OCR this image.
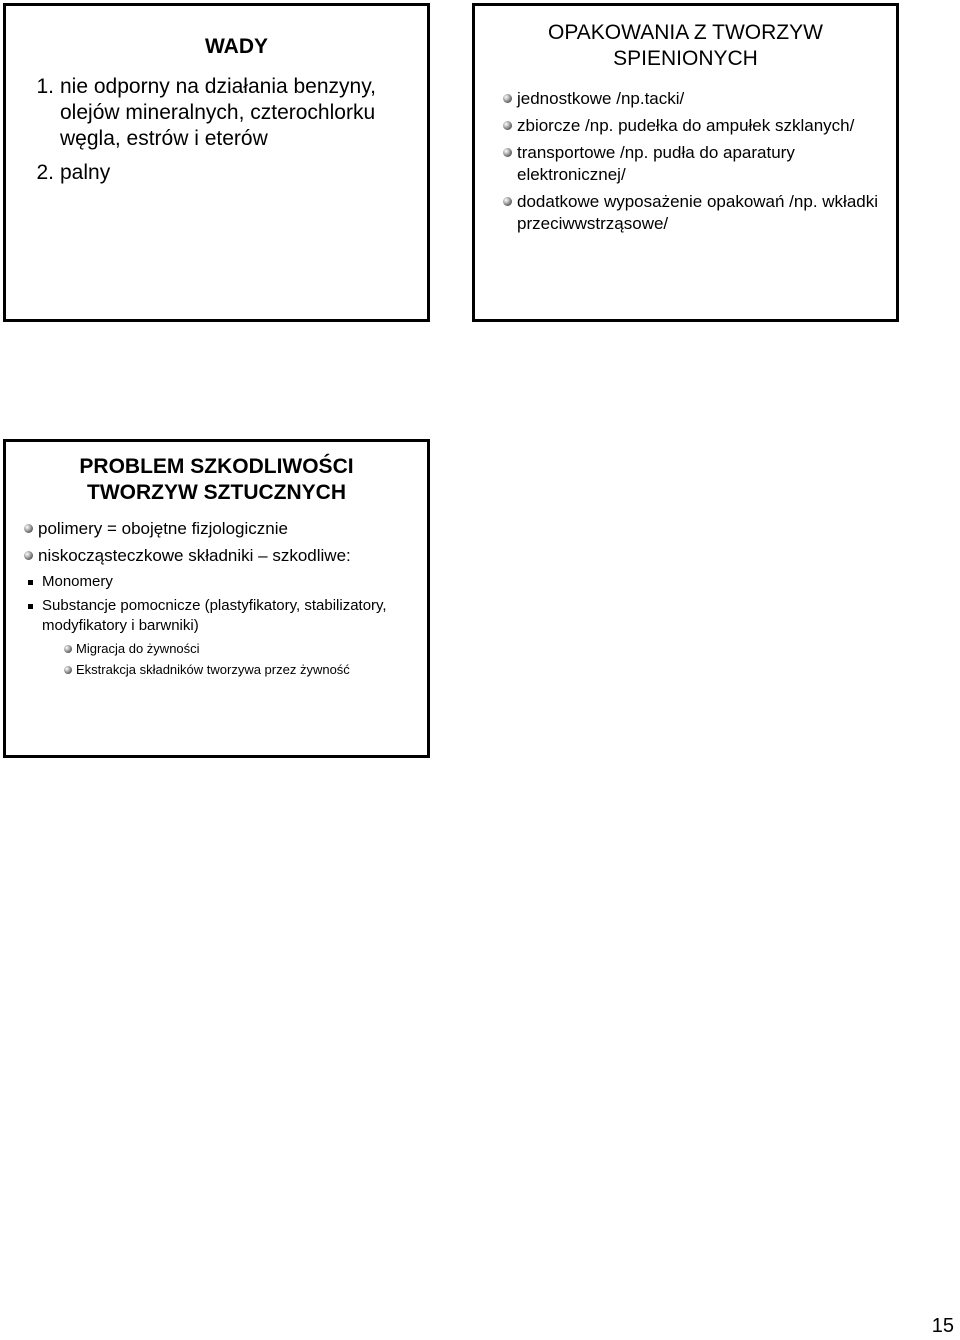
WADY
1. nie odporny na działania benzyny, olejów mineralnych, czterochlorku węgla, estrów i eterów
2. palny
OPAKOWANIA Z TWORZYW
SPIENIONYCH
jednostkowe /np.tacki/
zbiorcze /np. pudełka do ampułek szklanych/
transportowe /np. pudła do aparatury elektronicznej/
dodatkowe wyposażenie opakowań /np. wkładki przeciwwstrząsowe/
PROBLEM SZKODLIWOŚCI
TWORZYW SZTUCZNYCH
polimery = obojętne fizjologicznie
niskocząsteczkowe składniki – szkodliwe:
Monomery
Substancje pomocnicze (plastyfikatory, stabilizatory, modyfikatory i barwniki)
Migracja do żywności
Ekstrakcja składników tworzywa przez żywność
15
